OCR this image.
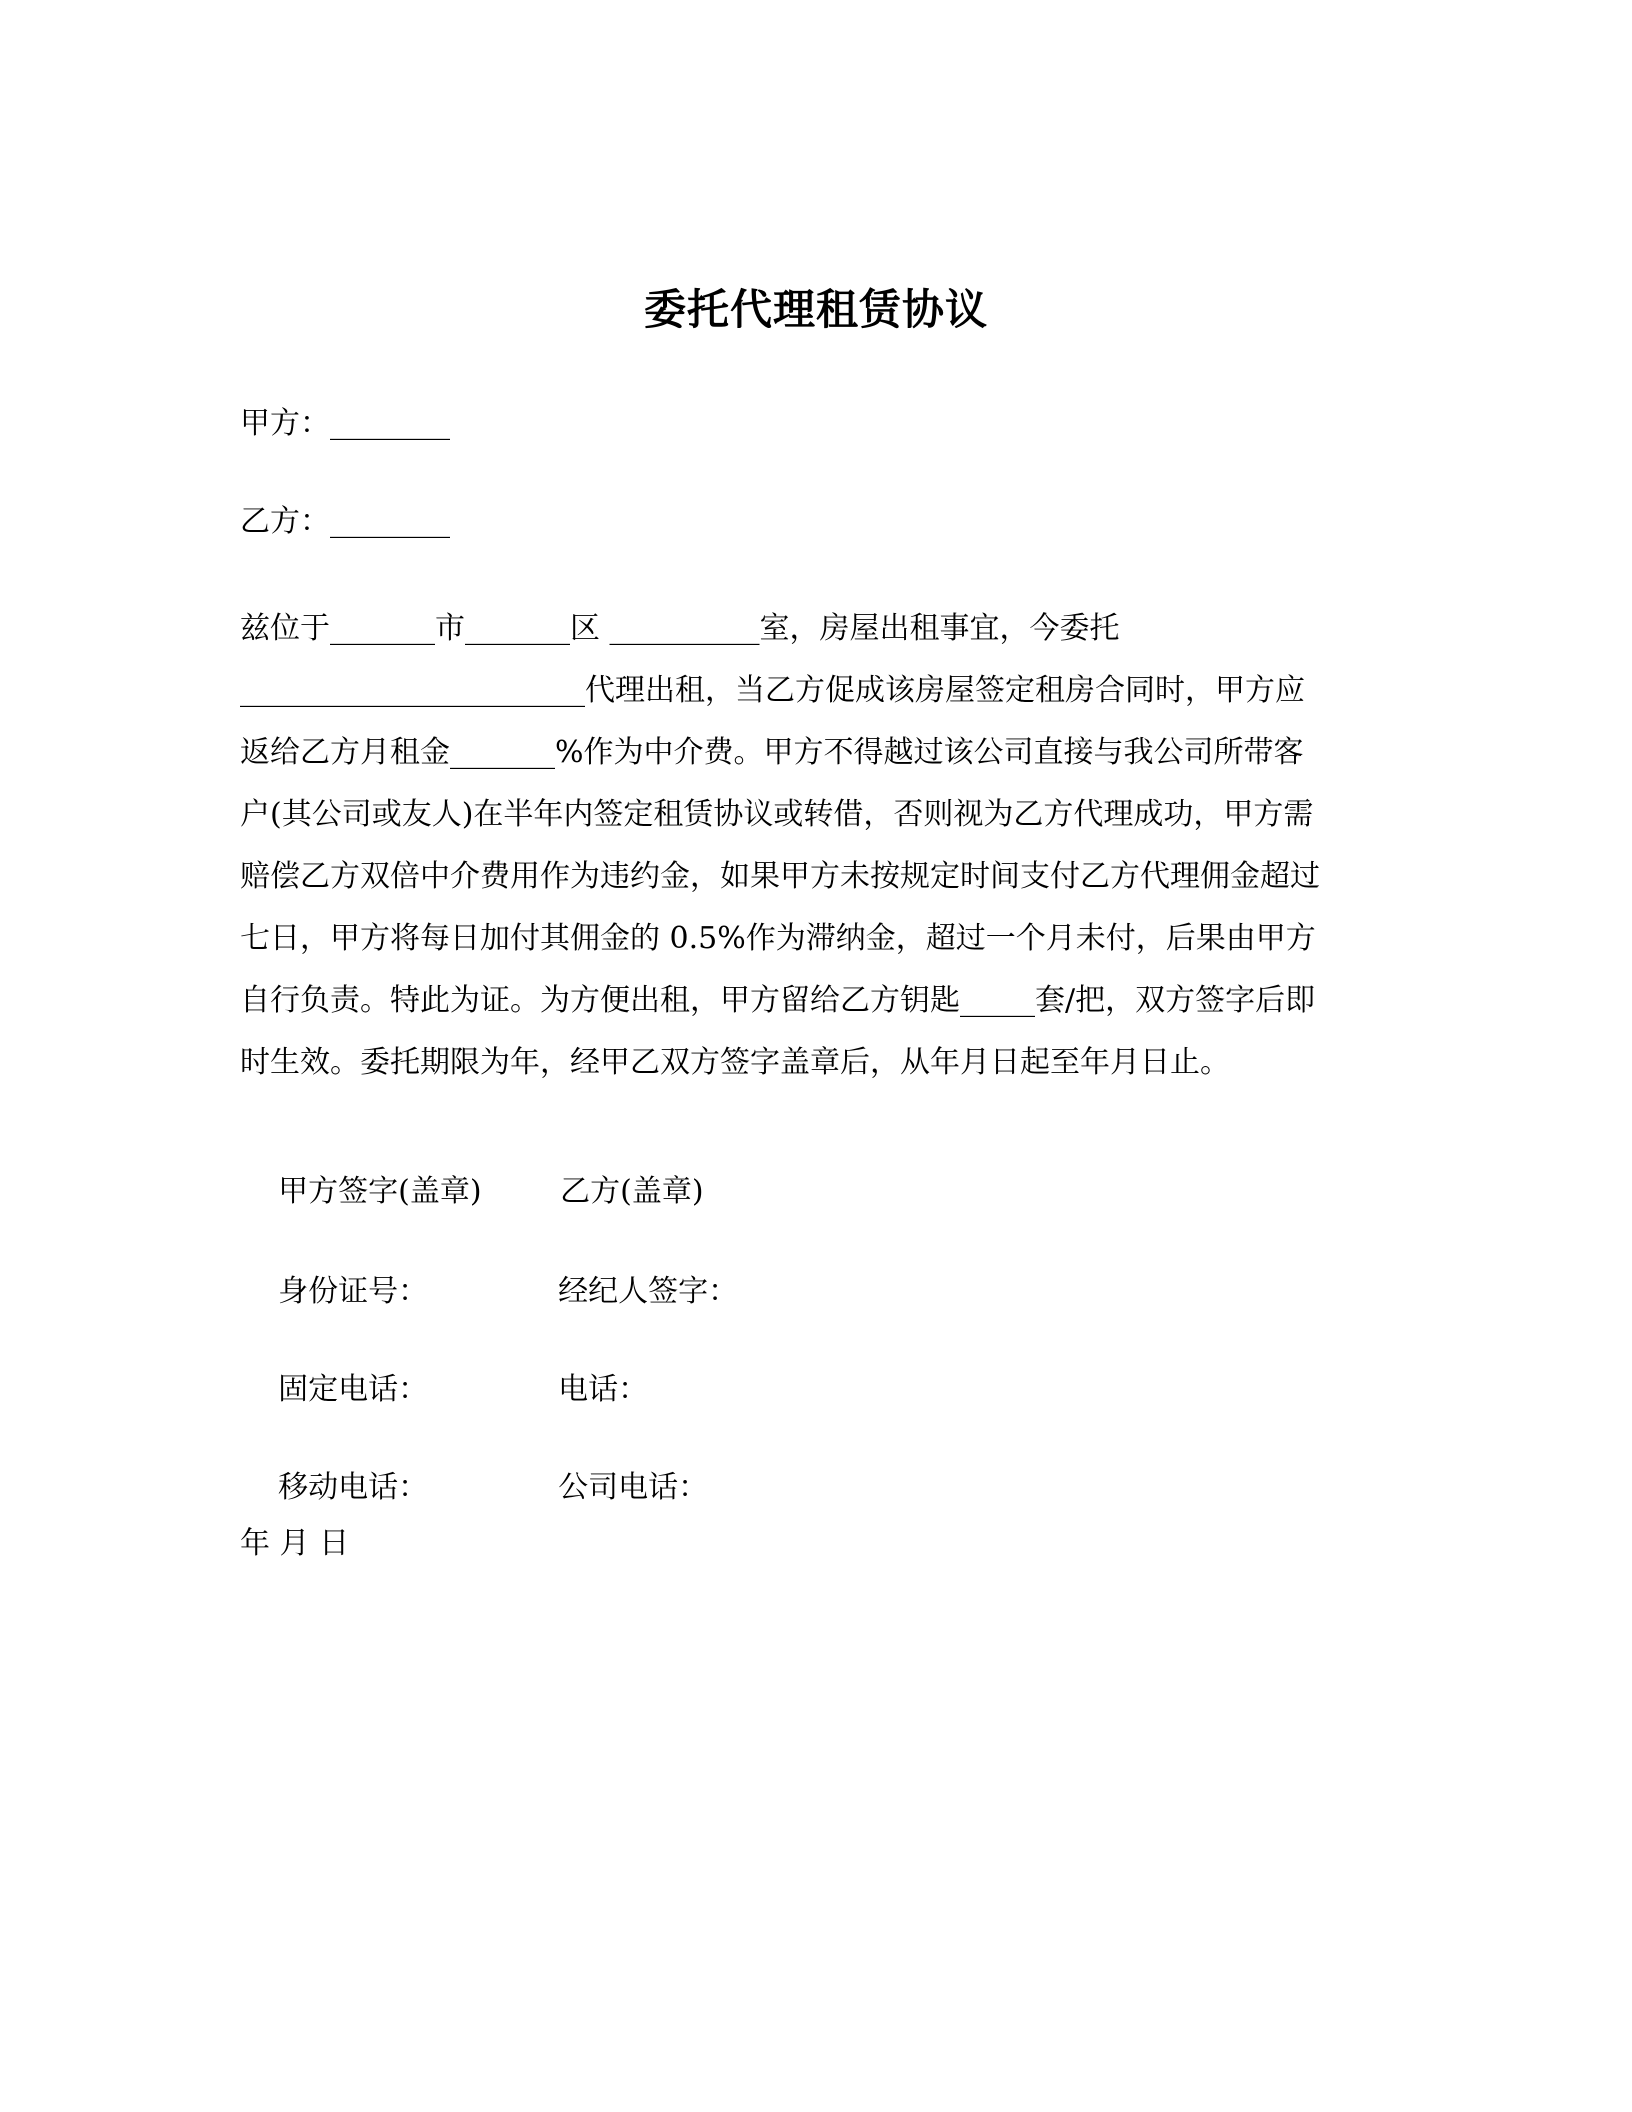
委托代理租赁协议

甲方：________

乙方：________

兹位于_______市_______区 __________室，房屋出租事宜，今委托
_______________________代理出租，当乙方促成该房屋签定租房合同时，甲方应
返给乙方月租金_______%作为中介费。甲方不得越过该公司直接与我公司所带客
户(其公司或友人)在半年内签定租赁协议或转借，否则视为乙方代理成功，甲方需
赔偿乙方双倍中介费用作为违约金，如果甲方未按规定时间支付乙方代理佣金超过
七日，甲方将每日加付其佣金的 0.5%作为滞纳金，超过一个月未付，后果由甲方
自行负责。特此为证。为方便出租，甲方留给乙方钥匙_____套/把，双方签字后即
时生效。委托期限为年，经甲乙双方签字盖章后，从年月日起至年月日止。

甲方签字(盖章)	乙方(盖章)

身份证号：	经纪人签字：

固定电话：	电话：

移动电话：	公司电话：

年 月 日
